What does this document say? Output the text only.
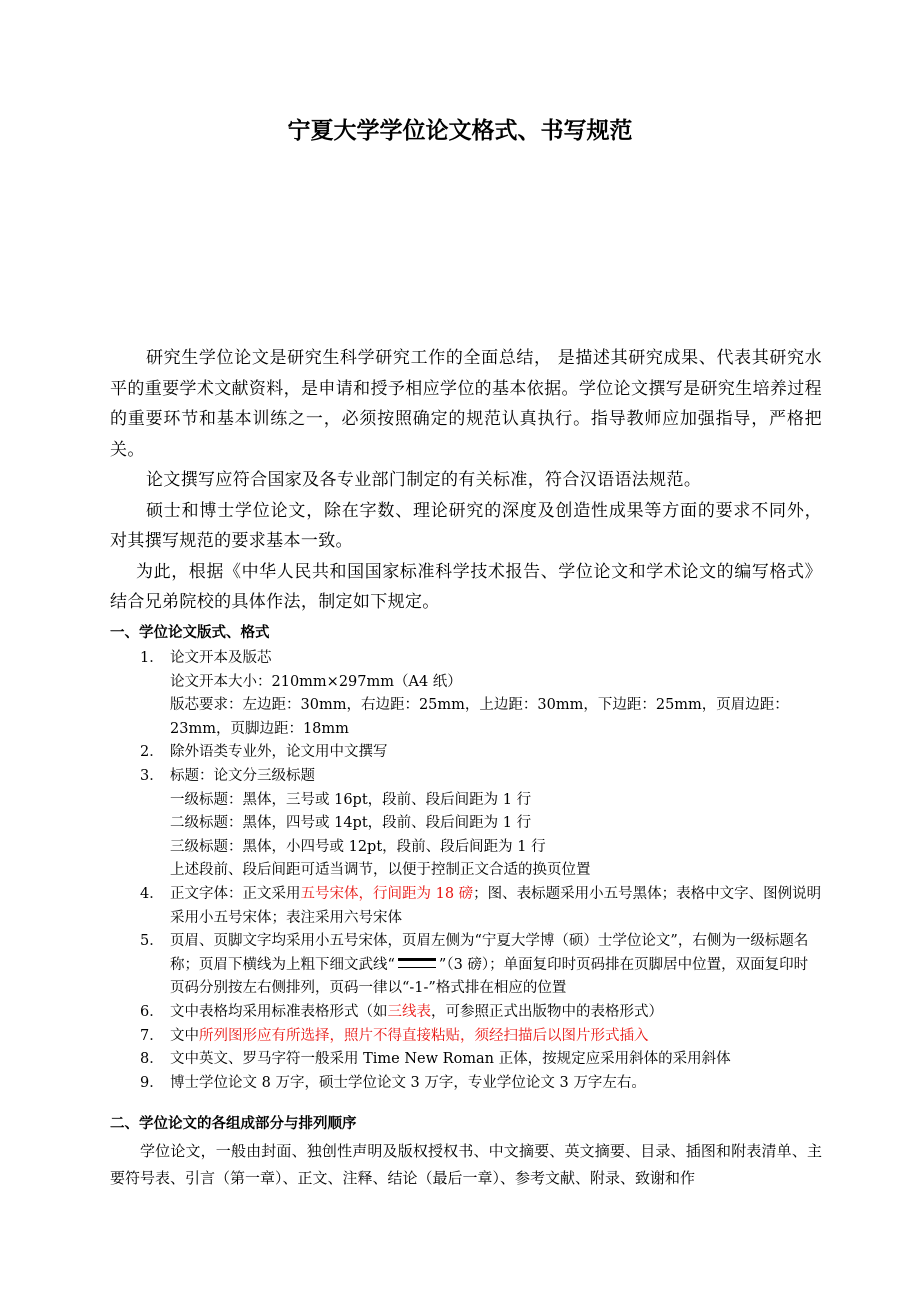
宁夏大学学位论文格式、书写规范

研究生学位论文是研究生科学研究工作的全面总结， 是描述其研究成果、代表其研究水平的重要学术文献资料，是申请和授予相应学位的基本依据。学位论文撰写是研究生培养过程的重要环节和基本训练之一，必须按照确定的规范认真执行。指导教师应加强指导，严格把关。

论文撰写应符合国家及各专业部门制定的有关标准，符合汉语语法规范。

硕士和博士学位论文，除在字数、理论研究的深度及创造性成果等方面的要求不同外，对其撰写规范的要求基本一致。

为此，根据《中华人民共和国国家标准科学技术报告、学位论文和学术论文的编写格式》结合兄弟院校的具体作法，制定如下规定。

一、学位论文版式、格式
1． 论文开本及版芯
论文开本大小：210mm×297mm（A4 纸）
版芯要求：左边距：30mm，右边距：25mm，上边距：30mm，下边距：25mm，页眉边距：23mm，页脚边距：18mm
2． 除外语类专业外，论文用中文撰写
3． 标题：论文分三级标题
一级标题：黑体，三号或 16pt，段前、段后间距为 1 行
二级标题：黑体，四号或 14pt，段前、段后间距为 1 行
三级标题：黑体，小四号或 12pt，段前、段后间距为 1 行
上述段前、段后间距可适当调节，以便于控制正文合适的换页位置
4． 正文字体：正文采用五号宋体，行间距为 18 磅；图、表标题采用小五号黑体；表格中文字、图例说明采用小五号宋体；表注采用六号宋体
5． 页眉、页脚文字均采用小五号宋体，页眉左侧为“宁夏大学博（硕）士学位论文”，右侧为一级标题名称；页眉下横线为上粗下细文武线“	”（3 磅）；单面复印时页码排在页脚居中位置，双面复印时页码分别按左右侧排列，页码一律以“-1-”格式排在相应的位置
6． 文中表格均采用标准表格形式（如三线表，可参照正式出版物中的表格形式）
7． 文中所列图形应有所选择，照片不得直接粘贴，须经扫描后以图片形式插入
8． 文中英文、罗马字符一般采用 Time New Roman 正体，按规定应采用斜体的采用斜体
9． 博士学位论文 8 万字，硕士学位论文 3 万字，专业学位论文 3 万字左右。
二、学位论文的各组成部分与排列顺序

学位论文，一般由封面、独创性声明及版权授权书、中文摘要、英文摘要、目录、插图和附表清单、主要符号表、引言（第一章）、正文、注释、结论（最后一章）、参考文献、附录、致谢和作
